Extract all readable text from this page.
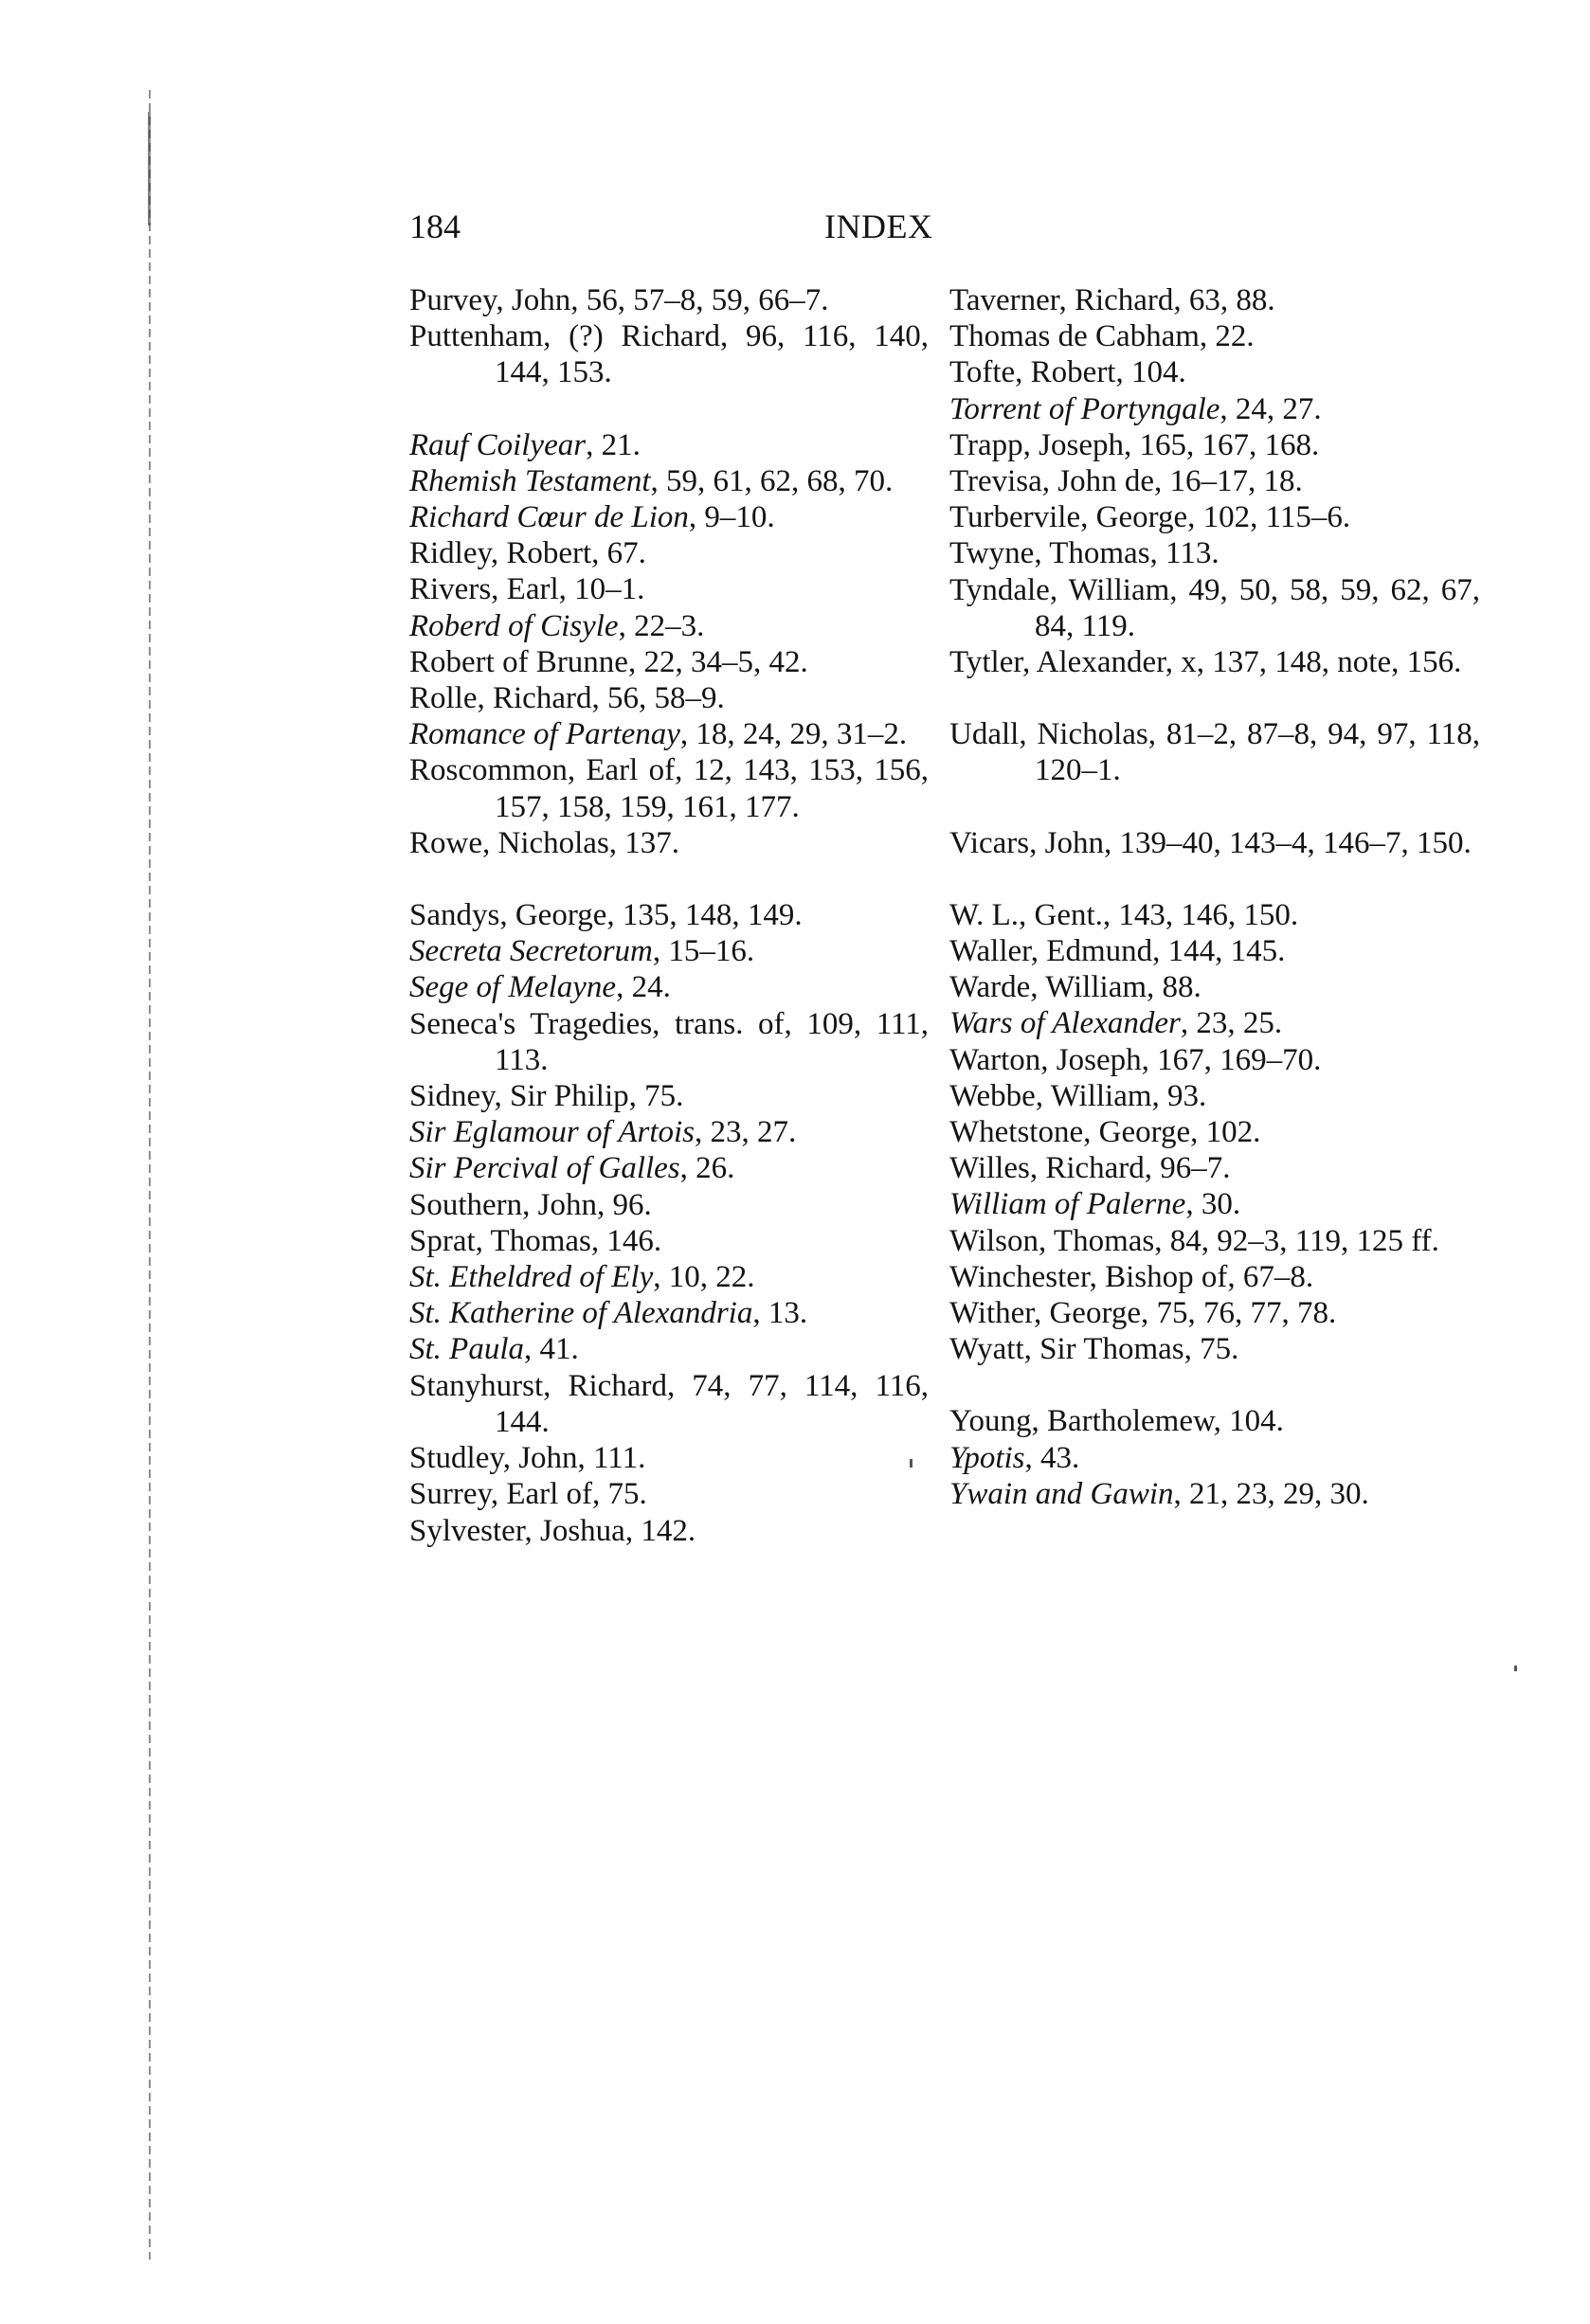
184	INDEX
Purvey, John, 56, 57–8, 59, 66–7.
Puttenham, (?) Richard, 96, 116, 140, 144, 153.
Rauf Coilyear, 21.
Rhemish Testament, 59, 61, 62, 68, 70.
Richard Cœur de Lion, 9–10.
Ridley, Robert, 67.
Rivers, Earl, 10–1.
Roberd of Cisyle, 22–3.
Robert of Brunne, 22, 34–5, 42.
Rolle, Richard, 56, 58–9.
Romance of Partenay, 18, 24, 29, 31–2.
Roscommon, Earl of, 12, 143, 153, 156, 157, 158, 159, 161, 177.
Rowe, Nicholas, 137.
Sandys, George, 135, 148, 149.
Secreta Secretorum, 15–16.
Sege of Melayne, 24.
Seneca's Tragedies, trans. of, 109, 111, 113.
Sidney, Sir Philip, 75.
Sir Eglamour of Artois, 23, 27.
Sir Percival of Galles, 26.
Southern, John, 96.
Sprat, Thomas, 146.
St. Etheldred of Ely, 10, 22.
St. Katherine of Alexandria, 13.
St. Paula, 41.
Stanyhurst, Richard, 74, 77, 114, 116, 144.
Studley, John, 111.
Surrey, Earl of, 75.
Sylvester, Joshua, 142.
Taverner, Richard, 63, 88.
Thomas de Cabham, 22.
Tofte, Robert, 104.
Torrent of Portyngale, 24, 27.
Trapp, Joseph, 165, 167, 168.
Trevisa, John de, 16–17, 18.
Turbervile, George, 102, 115–6.
Twyne, Thomas, 113.
Tyndale, William, 49, 50, 58, 59, 62, 67, 84, 119.
Tytler, Alexander, x, 137, 148, note, 156.
Udall, Nicholas, 81–2, 87–8, 94, 97, 118, 120–1.
Vicars, John, 139–40, 143–4, 146–7, 150.
W. L., Gent., 143, 146, 150.
Waller, Edmund, 144, 145.
Warde, William, 88.
Wars of Alexander, 23, 25.
Warton, Joseph, 167, 169–70.
Webbe, William, 93.
Whetstone, George, 102.
Willes, Richard, 96–7.
William of Palerne, 30.
Wilson, Thomas, 84, 92–3, 119, 125 ff.
Winchester, Bishop of, 67–8.
Wither, George, 75, 76, 77, 78.
Wyatt, Sir Thomas, 75.
Young, Bartholemew, 104.
Ypotis, 43.
Ywain and Gawin, 21, 23, 29, 30.
